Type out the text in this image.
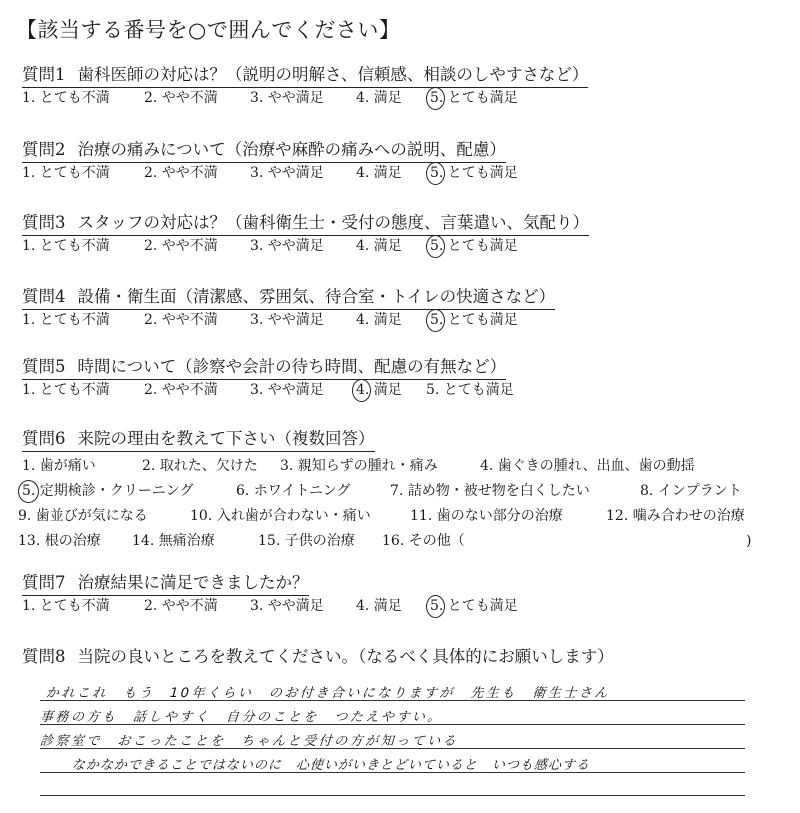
【該当する番号を○で囲んでください】
質問1 歯科医師の対応は？（説明の明解さ、信頼感、相談のしやすさなど）
1. とても不満 2. やや不満 3. やや満足 4. 満足 5. とても満足
質問2 治療の痛みについて（治療や麻酔の痛みへの説明、配慮）
1. とても不満 2. やや不満 3. やや満足 4. 満足 5. とても満足
質問3 スタッフの対応は？（歯科衛生士・受付の態度、言葉遣い、気配り）
1. とても不満 2. やや不満 3. やや満足 4. 満足 5. とても満足
質問4 設備・衛生面（清潔感、雰囲気、待合室・トイレの快適さなど）
1. とても不満 2. やや不満 3. やや満足 4. 満足 5. とても満足
質問5 時間について（診察や会計の待ち時間、配慮の有無など）
1. とても不満 2. やや不満 3. やや満足 4. 満足 5. とても満足
質問6 来院の理由を教えて下さい（複数回答）
1. 歯が痛い	2. 取れた、欠けた 3. 親知らずの腫れ・痛み	4. 歯ぐきの腫れ、出血、歯の動揺
5. 定期検診・クリーニング	6. ホワイトニング	7. 詰め物・被せ物を白くしたい	8. インプラント
9. 歯並びが気になる	10. 入れ歯が合わない・痛い	11. 歯のない部分の治療	12. 噛み合わせの治療
13. 根の治療 14. 無痛治療	15. 子供の治療 16. その他（	)
質問7 治療結果に満足できましたか？
1. とても不満 2. やや不満 3. やや満足 4. 満足 5. とても満足
質問8 当院の良いところを教えてください。（なるべく具体的にお願いします）
かれこれ　もう　10年くらい　のお付き合いになりますが　先生も　衛生士さん
事務の方も　話しやすく　自分のことを　つたえやすい。
診察室で　おこったことを　ちゃんと受付の方が知っている
なかなかできることではないのに　心使いがいきとどいていると　いつも感心する
